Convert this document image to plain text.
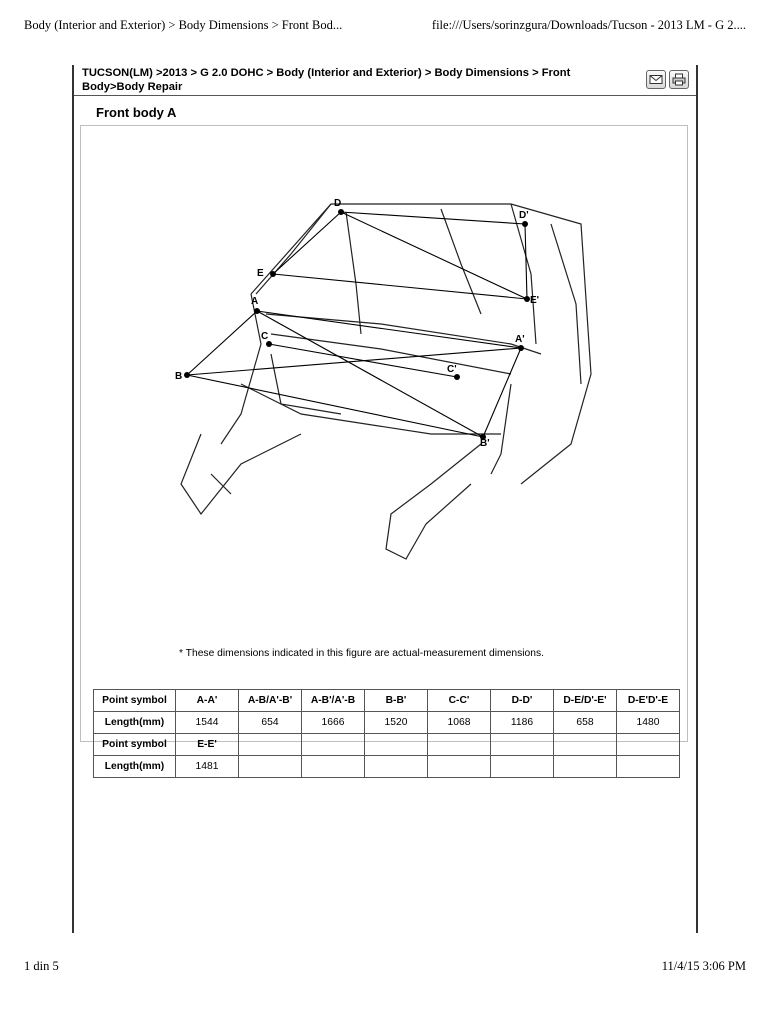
Body (Interior and Exterior) > Body Dimensions > Front Bod...	file:///Users/sorinzgura/Downloads/Tucson - 2013 LM - G 2....
TUCSON(LM) >2013 > G 2.0 DOHC > Body (Interior and Exterior) > Body Dimensions > Front Body>Body Repair
Front body A
D
D'
E
E'
A
A'
C
C'
B
B'
* These dimensions indicated in this figure are actual-measurement dimensions.
Point symbol	A-A'	A-B/A'-B'	A-B'/A'-B	B-B'	C-C'	D-D'	D-E/D'-E'	D-E'D'-E
Length(mm)	1544	654	1666	1520	1068	1186	658	1480
Point symbol	E-E'							
Length(mm)	1481							
1 din 5	11/4/15 3:06 PM
